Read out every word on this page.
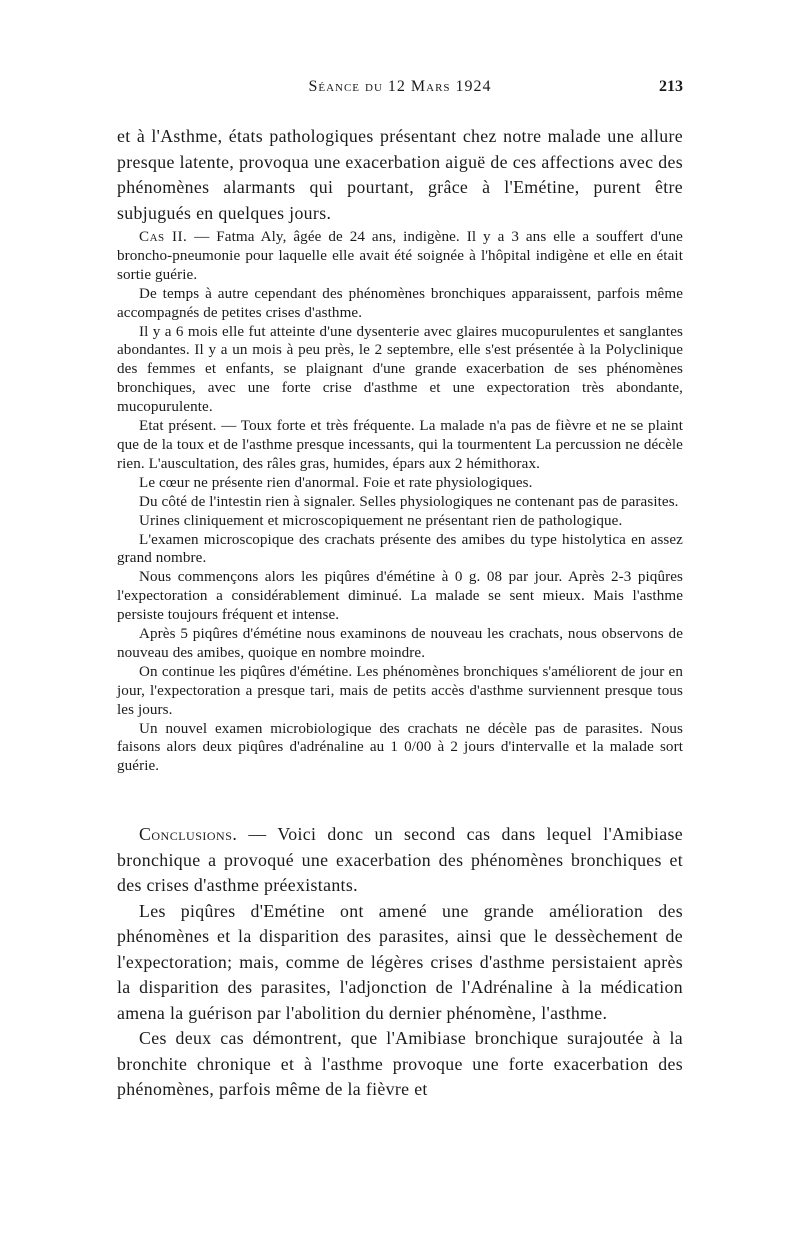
Séance du 12 Mars 1924	213

et à l'Asthme, états pathologiques présentant chez notre malade une allure presque latente, provoqua une exacerbation aiguë de ces affections avec des phénomènes alarmants qui pourtant, grâce à l'Emétine, purent être subjugués en quelques jours.

Cas II. — Fatma Aly, âgée de 24 ans, indigène. Il y a 3 ans elle a souffert d'une broncho-pneumonie pour laquelle elle avait été soignée à l'hôpital indigène et elle en était sortie guérie.

De temps à autre cependant des phénomènes bronchiques apparaissent, parfois même accompagnés de petites crises d'asthme.

Il y a 6 mois elle fut atteinte d'une dysenterie avec glaires mucopurulentes et sanglantes abondantes. Il y a un mois à peu près, le 2 septembre, elle s'est présentée à la Polyclinique des femmes et enfants, se plaignant d'une grande exacerbation de ses phénomènes bronchiques, avec une forte crise d'asthme et une expectoration très abondante, mucopurulente.

Etat présent. — Toux forte et très fréquente. La malade n'a pas de fièvre et ne se plaint que de la toux et de l'asthme presque incessants, qui la tourmentent La percussion ne décèle rien. L'auscultation, des râles gras, humides, épars aux 2 hémithorax.

Le cœur ne présente rien d'anormal. Foie et rate physiologiques.

Du côté de l'intestin rien à signaler. Selles physiologiques ne contenant pas de parasites.

Urines cliniquement et microscopiquement ne présentant rien de pathologique.

L'examen microscopique des crachats présente des amibes du type histolytica en assez grand nombre.

Nous commençons alors les piqûres d'émétine à 0 g. 08 par jour. Après 2-3 piqûres l'expectoration a considérablement diminué. La malade se sent mieux. Mais l'asthme persiste toujours fréquent et intense.

Après 5 piqûres d'émétine nous examinons de nouveau les crachats, nous observons de nouveau des amibes, quoique en nombre moindre.

On continue les piqûres d'émétine. Les phénomènes bronchiques s'améliorent de jour en jour, l'expectoration a presque tari, mais de petits accès d'asthme surviennent presque tous les jours.

Un nouvel examen microbiologique des crachats ne décèle pas de parasites. Nous faisons alors deux piqûres d'adrénaline au 1 0/00 à 2 jours d'intervalle et la malade sort guérie.

Conclusions. — Voici donc un second cas dans lequel l'Amibiase bronchique a provoqué une exacerbation des phénomènes bronchiques et des crises d'asthme préexistants.

Les piqûres d'Emétine ont amené une grande amélioration des phénomènes et la disparition des parasites, ainsi que le dessèchement de l'expectoration; mais, comme de légères crises d'asthme persistaient après la disparition des parasites, l'adjonction de l'Adrénaline à la médication amena la guérison par l'abolition du dernier phénomène, l'asthme.

Ces deux cas démontrent, que l'Amibiase bronchique surajoutée à la bronchite chronique et à l'asthme provoque une forte exacerbation des phénomènes, parfois même de la fièvre et
